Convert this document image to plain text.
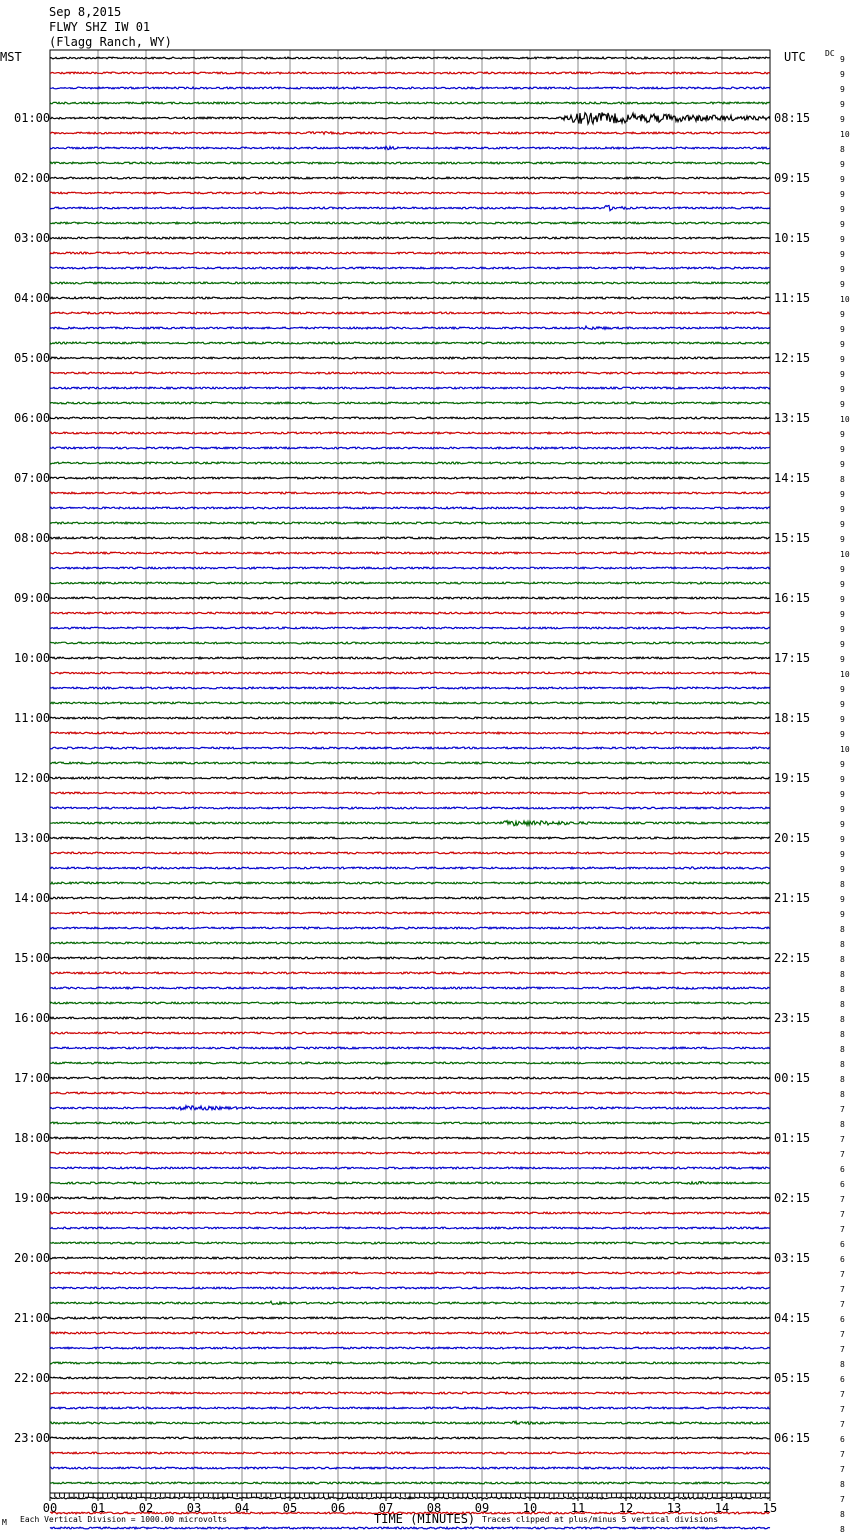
Sep 8,2015
FLWY SHZ IW 01
(Flagg Ranch, WY)
MST	UTC DC
9
9
9
9
9
10
8
9
9
9
9
9
9
9
9
9
10
9
9
9
9
9
9
9
10
9
9
9
8
9
9
9
9
10
9
9
9
9
9
9
9
10
9
9
9
9
10
9
9
9
9
9
9
9
9
8
9
9
8
8
8
8
8
8
8
8
8
8
8
8
7
8
7
7
6
6
7
7
7
6
6
7
7
7
6
7
7
8
6
7
7
7
6
7
7
8
7
8
8
01:00
02:00
03:00
04:00
05:00
06:00
07:00
08:00
09:00
10:00
11:00
12:00
13:00
14:00
15:00
16:00
17:00
18:00
19:00
20:00
21:00
22:00
23:00
08:15
09:15
10:15
11:15
12:15
13:15
14:15
15:15
16:15
17:15
18:15
19:15
20:15
21:15
22:15
23:15
00:15
01:15
02:15
03:15
04:15
05:15
06:15
00	01	02	03	04	05	06	07	08	09	10	11	12	13	14	15
M Each Vertical Division = 1000.00 microvolts	TIME (MINUTES) Traces clipped at plus/minus 5 vertical divisions
